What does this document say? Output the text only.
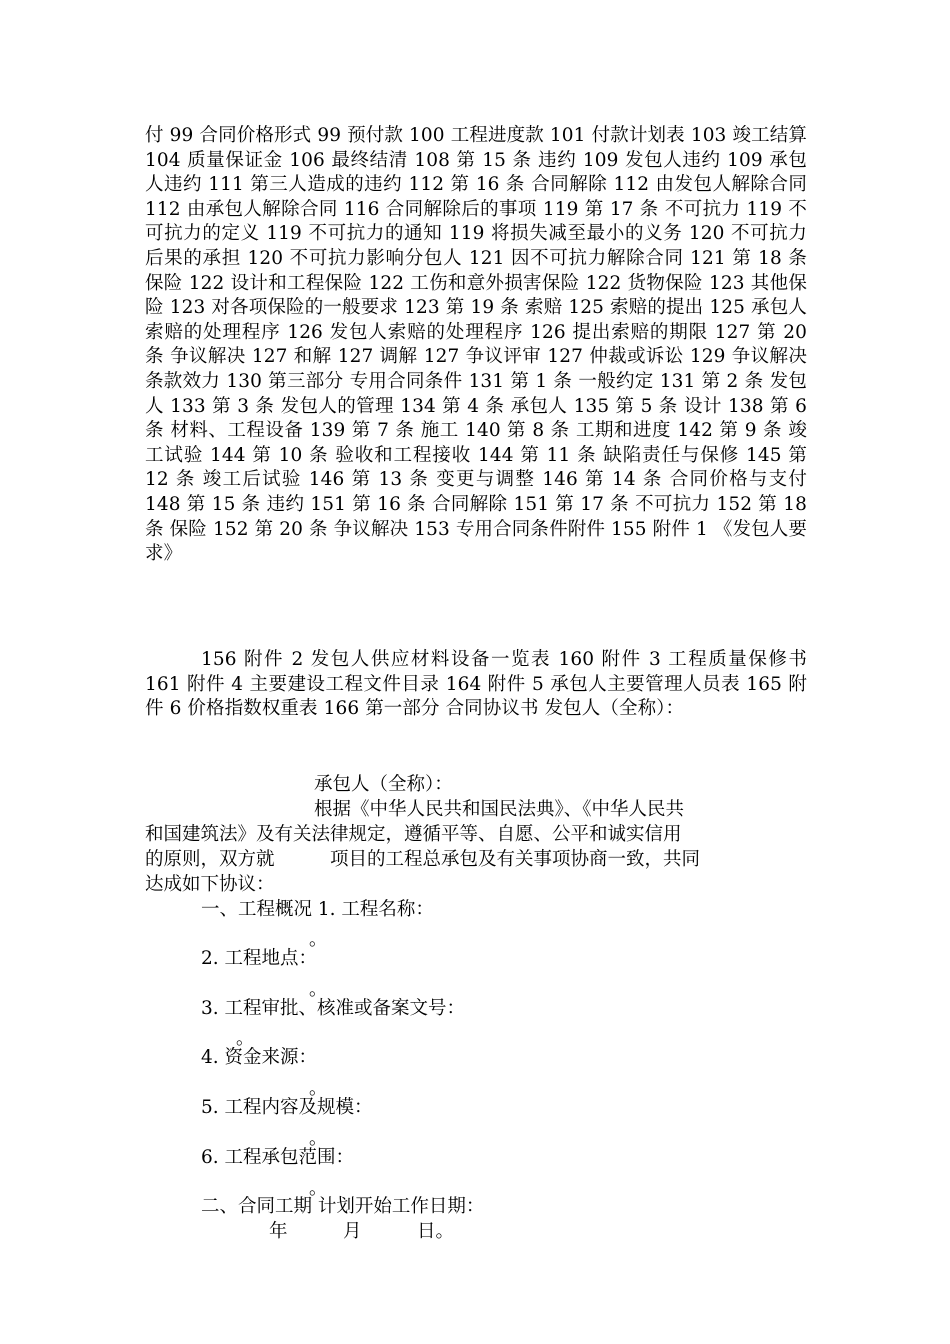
付 99 合同价格形式 99 预付款 100 工程进度款 101 付款计划表 103 竣工结算 104 质量保证金 106 最终结清 108 第 15 条 违约 109 发包人违约 109 承包人违约 111 第三人造成的违约 112 第 16 条 合同解除 112 由发包人解除合同 112 由承包人解除合同 116 合同解除后的事项 119 第 17 条 不可抗力 119 不可抗力的定义 119 不可抗力的通知 119 将损失减至最小的义务 120 不可抗力后果的承担 120 不可抗力影响分包人 121 因不可抗力解除合同 121 第 18 条 保险 122 设计和工程保险 122 工伤和意外损害保险 122 货物保险 123 其他保险 123 对各项保险的一般要求 123 第 19 条 索赔 125 索赔的提出 125 承包人索赔的处理程序 126 发包人索赔的处理程序 126 提出索赔的期限 127 第 20 条 争议解决 127 和解 127 调解 127 争议评审 127 仲裁或诉讼 129 争议解决条款效力 130 第三部分 专用合同条件 131 第 1 条 一般约定 131 第 2 条 发包人 133 第 3 条 发包人的管理 134 第 4 条 承包人 135 第 5 条 设计 138 第 6 条 材料、工程设备 139 第 7 条 施工 140 第 8 条 工期和进度 142 第 9 条 竣工试验 144 第 10 条 验收和工程接收 144 第 11 条 缺陷责任与保修 145 第 12 条 竣工后试验 146 第 13 条 变更与调整 146 第 14 条 合同价格与支付 148 第 15 条 违约 151 第 16 条 合同解除 151 第 17 条 不可抗力 152 第 18 条 保险 152 第 20 条 争议解决 153 专用合同条件附件 155 附件 1 《发包人要求》
156 附件 2 发包人供应材料设备一览表 160 附件 3 工程质量保修书 161 附件 4 主要建设工程文件目录 164 附件 5 承包人主要管理人员表 165 附件 6 价格指数权重表 166 第一部分 合同协议书 发包人（全称）：
承包人（全称）：
根据《中华人民共和国民法典》、《中华人民共
和国建筑法》及有关法律规定，遵循平等、自愿、公平和诚实信用
的原则，双方就　　　项目的工程总承包及有关事项协商一致，共同
达成如下协议：
一、工程概况 1. 工程名称：
。
2. 工程地点：
。
3. 工程审批、核准或备案文号：
。
4. 资金来源：
。
5. 工程内容及规模：
。
6. 工程承包范围：
。
二、合同工期 计划开始工作日期：
年　　　月　　　日。
